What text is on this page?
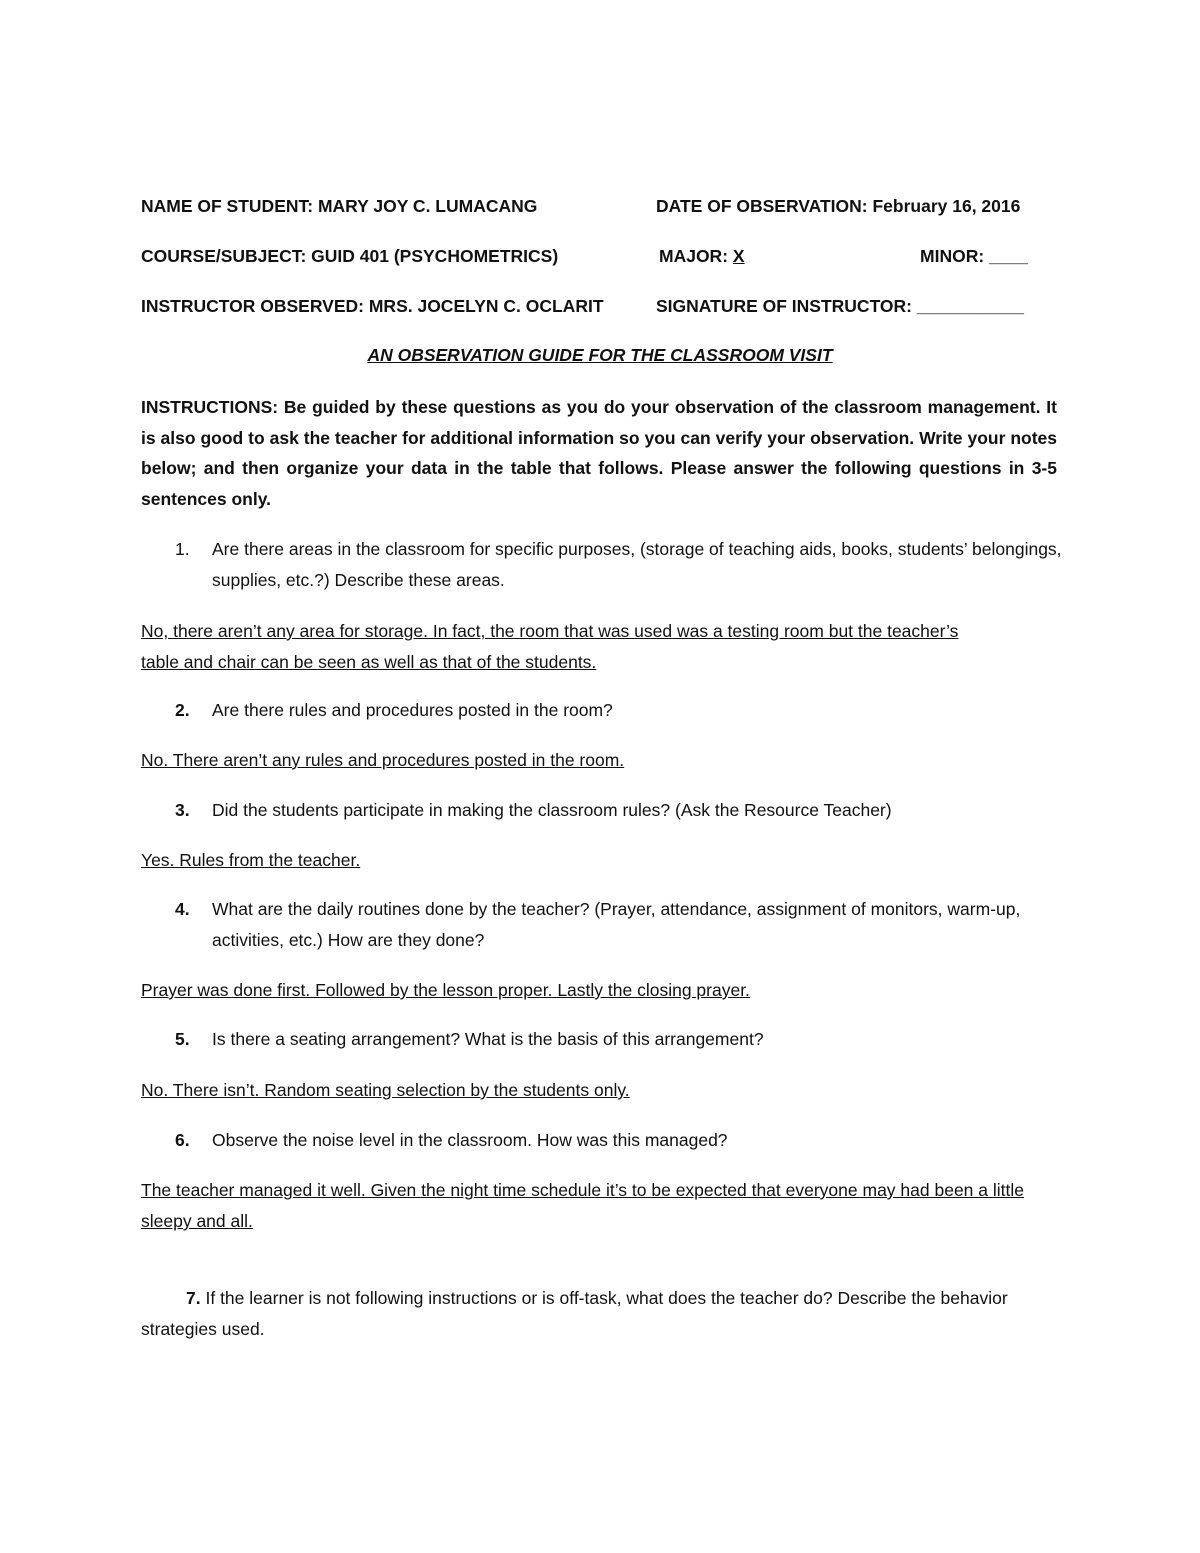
NAME OF STUDENT: MARY JOY C. LUMACANG	DATE OF OBSERVATION: February 16, 2016
COURSE/SUBJECT: GUID 401 (PSYCHOMETRICS)	MAJOR: X	MINOR: ____
INSTRUCTOR OBSERVED: MRS. JOCELYN C. OCLARIT	SIGNATURE OF INSTRUCTOR: ___________
AN OBSERVATION GUIDE FOR THE CLASSROOM VISIT
INSTRUCTIONS: Be guided by these questions as you do your observation of the classroom management. It is also good to ask the teacher for additional information so you can verify your observation. Write your notes below; and then organize your data in the table that follows. Please answer the following questions in 3-5 sentences only.
1.	Are there areas in the classroom for specific purposes, (storage of teaching aids, books, students’ belongings, supplies, etc.?) Describe these areas.
No, there aren’t any area for storage. In fact, the room that was used was a testing room but the teacher’s table and chair can be seen as well as that of the students.
2.	Are there rules and procedures posted in the room?
No. There aren’t any rules and procedures posted in the room.
3.	Did the students participate in making the classroom rules? (Ask the Resource Teacher)
Yes. Rules from the teacher.
4.	What are the daily routines done by the teacher? (Prayer, attendance, assignment of monitors, warm-up, activities, etc.) How are they done?
Prayer was done first. Followed by the lesson proper. Lastly the closing prayer.
5.	Is there a seating arrangement? What is the basis of this arrangement?
No. There isn’t. Random seating selection by the students only.
6.	Observe the noise level in the classroom. How was this managed?
The teacher managed it well. Given the night time schedule it’s to be expected that everyone may had been a little sleepy and all.
7. If the learner is not following instructions or is off-task, what does the teacher do? Describe the behavior strategies used.
